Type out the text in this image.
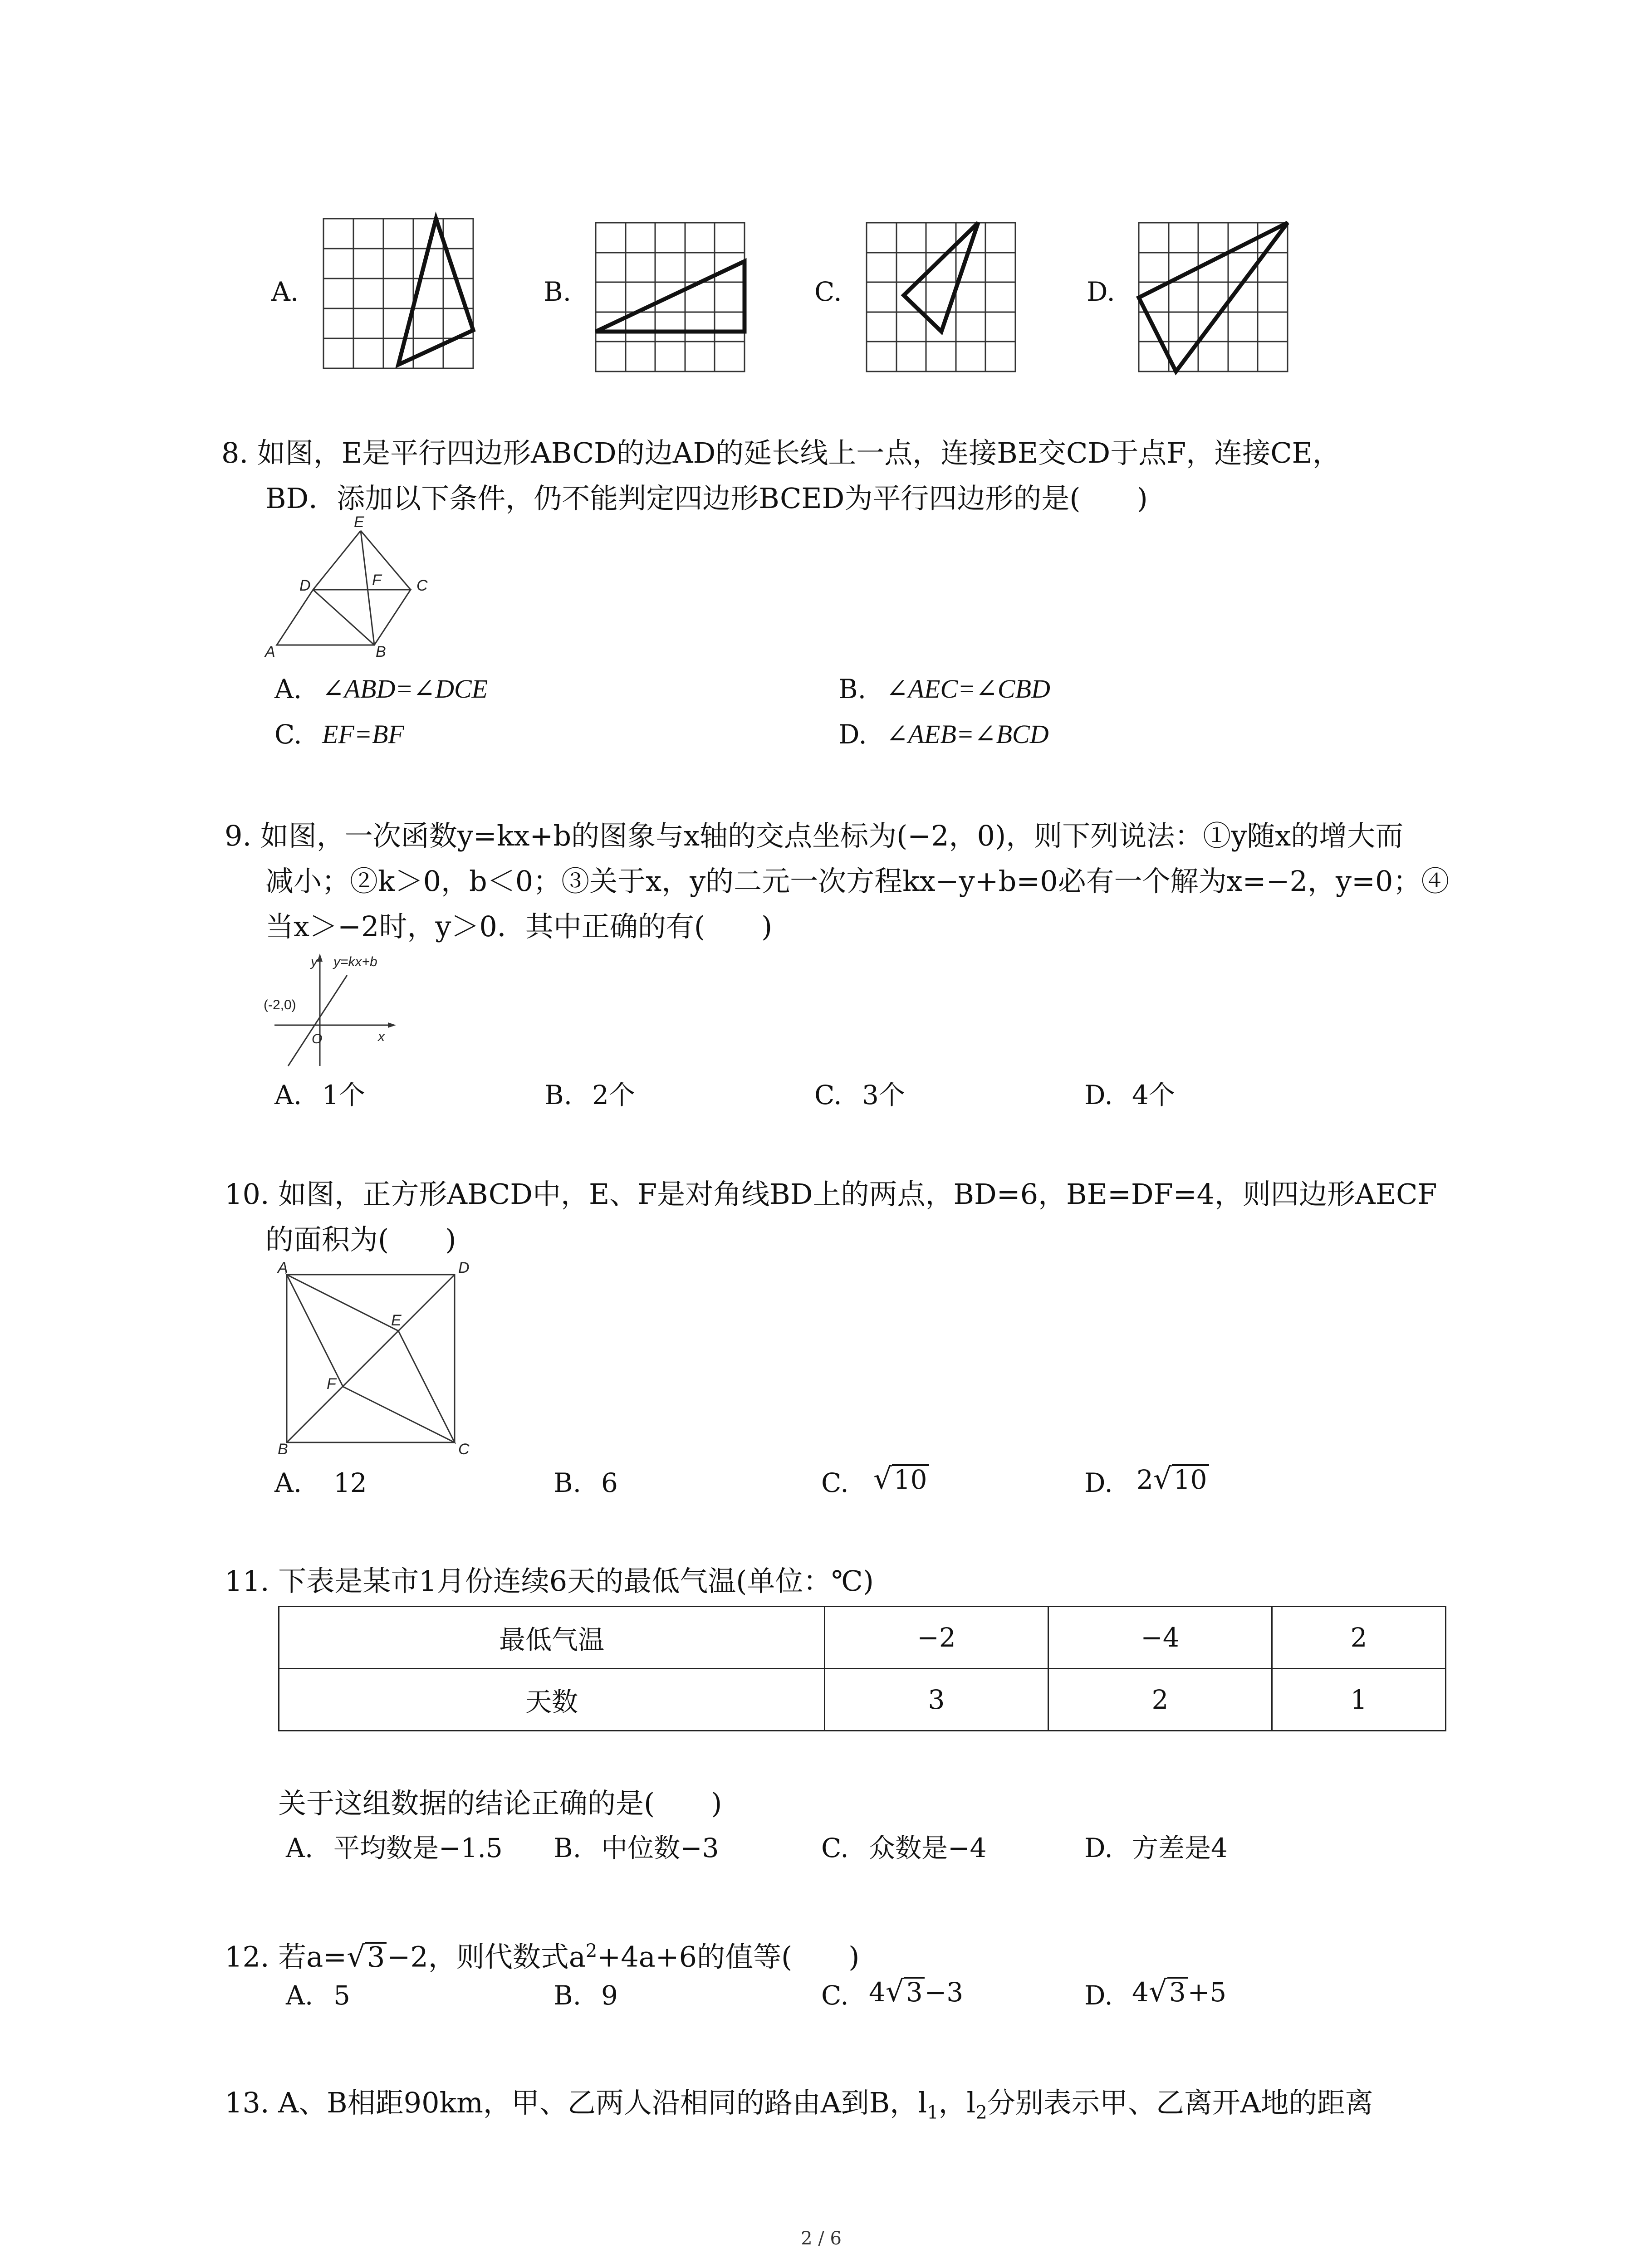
A.	B.	C.	D.
8. 如图，E是平行四边形ABCD的边AD的延长线上一点，连接BE交CD于点F，连接CE，
BD．添加以下条件，仍不能判定四边形BCED为平行四边形的是(　　)
E
D	F C
A	B
A. ∠ABD=∠DCE	B. ∠AEC=∠CBD
C. EF=BF	D. ∠AEB=∠BCD
9. 如图，一次函数y=kx+b的图象与x轴的交点坐标为(−2，0)，则下列说法：①y随x的增大而
减小；②k＞0，b＜0；③关于x，y的二元一次方程kx−y+b=0必有一个解为x=−2，y=0；④
当x＞−2时，y＞0．其中正确的有(　　)
y y=kx+b
(-2,0)
O	x
A. 1个	B. 2个	C. 3个	D. 4个
10. 如图，正方形ABCD中，E、F是对角线BD上的两点，BD=6，BE=DF=4，则四边形AECF
的面积为(　　)
A	D
E
F
B	C
A. 12	B. 6	C. √10	D. 2√10
11. 下表是某市1月份连续6天的最低气温(单位：℃)
最低气温	−2	−4	2
天数	3	2	1
关于这组数据的结论正确的是(　　)
A. 平均数是−1.5 B. 中位数−3	C. 众数是−4	D. 方差是4
12. 若a=√3−2，则代数式$a^2+4a+6$的值等(　　)
A. 5	B. 9	C. 4√3−3	D. 4√3+5
13. A、B相距90km，甲、乙两人沿相同的路由A到B，$l_1$，$l_2$分别表示甲、乙离开A地的距离
2 / 6
